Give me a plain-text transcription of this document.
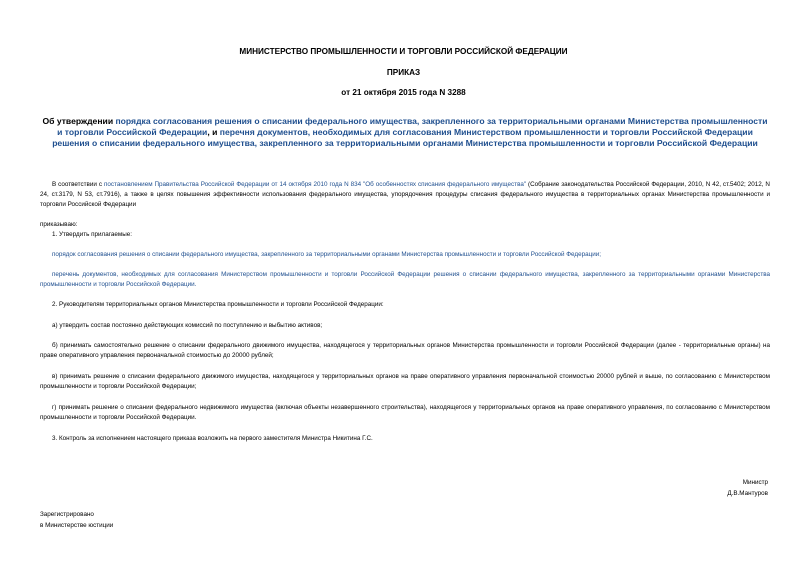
МИНИСТЕРСТВО ПРОМЫШЛЕННОСТИ И ТОРГОВЛИ РОССИЙСКОЙ ФЕДЕРАЦИИ
ПРИКАЗ
от 21 октября 2015 года N 3288
Об утверждении порядка согласования решения о списании федерального имущества, закрепленного за территориальными органами Министерства промышленности и торговли Российской Федерации, и перечня документов, необходимых для согласования Министерством промышленности и торговли Российской Федерации решения о списании федерального имущества, закрепленного за территориальными органами Министерства промышленности и торговли Российской Федерации
В соответствии с постановлением Правительства Российской Федерации от 14 октября 2010 года N 834 "Об особенностях списания федерального имущества" (Собрание законодательства Российской Федерации, 2010, N 42, ст.5402; 2012, N 24, ст.3179, N 53, ст.7916), а также в целях повышения эффективности использования федерального имущества, упорядочения процедуры списания федерального имущества в территориальных органах Министерства промышленности и торговли Российской Федерации
приказываю:
1. Утвердить прилагаемые:
порядок согласования решения о списании федерального имущества, закрепленного за территориальными органами Министерства промышленности и торговли Российской Федерации;
перечень документов, необходимых для согласования Министерством промышленности и торговли Российской Федерации решения о списании федерального имущества, закрепленного за территориальными органами Министерства промышленности и торговли Российской Федерации.
2. Руководителям территориальных органов Министерства промышленности и торговли Российской Федерации:
а) утвердить состав постоянно действующих комиссий по поступлению и выбытию активов;
б) принимать самостоятельно решение о списании федерального движимого имущества, находящегося у территориальных органов Министерства промышленности и торговли Российской Федерации (далее - территориальные органы) на праве оперативного управления первоначальной стоимостью до 20000 рублей;
в) принимать решение о списании федерального движимого имущества, находящегося у территориальных органов на праве оперативного управления первоначальной стоимостью 20000 рублей и выше, по согласованию с Министерством промышленности и торговли Российской Федерации;
г) принимать решение о списании федерального недвижимого имущества (включая объекты незавершенного строительства), находящегося у территориальных органов на праве оперативного управления, по согласованию с Министерством промышленности и торговли Российской Федерации.
3. Контроль за исполнением настоящего приказа возложить на первого заместителя Министра Никитина Г.С.
Министр
Д.В.Мантуров
Зарегистрировано
в Министерстве юстиции
